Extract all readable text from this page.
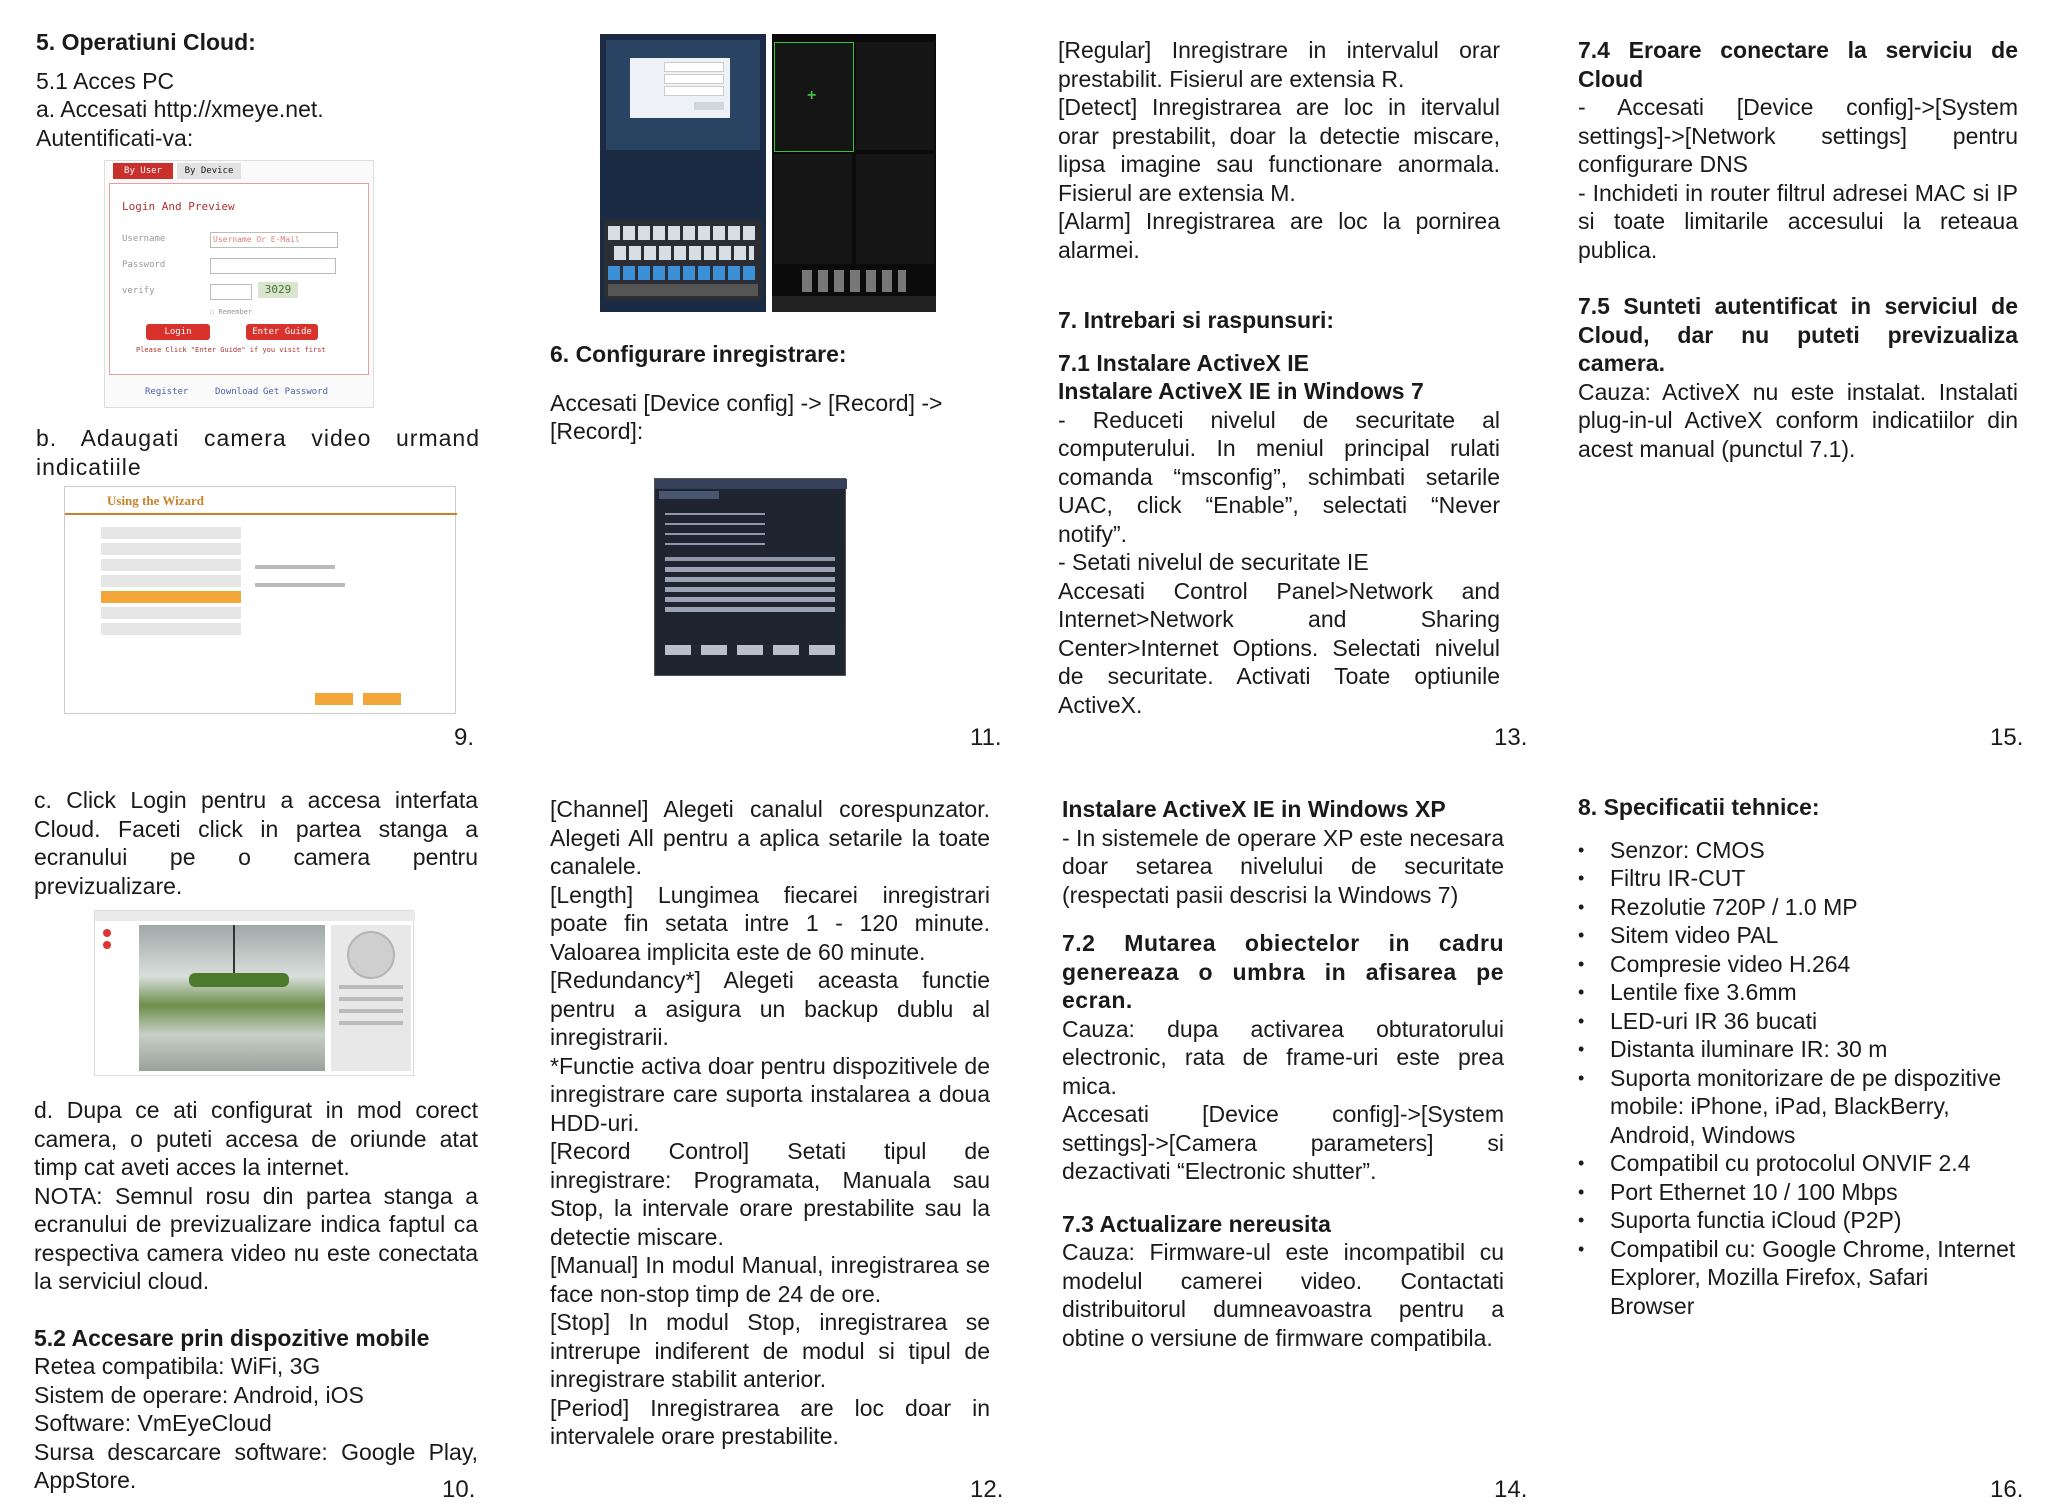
5. Operatiuni Cloud:

5.1 Acces PC

a. Accesati http://xmeye.net.

Autentificati-va:

By User	By Device
Login And Preview
Username	Username Or E-Mail
Password
verify	3029
☐ Remember
Login	Enter Guide
Please Click "Enter Guide" if you visit first
Register	Download Get Password

b. Adaugati camera video urmand indicatiile

Using the Wizard
9.

c. Click Login pentru a accesa interfata Cloud. Faceti click in partea stanga a ecranului pe o camera pentru previzualizare.

d. Dupa ce ati configurat in mod corect camera, o puteti accesa de oriunde atat timp cat aveti acces la internet.

NOTA: Semnul rosu din partea stanga a ecranului de previzualizare indica faptul ca respectiva camera video nu este conectata la serviciul cloud.

5.2 Accesare prin dispozitive mobile

Retea compatibila: WiFi, 3G

Sistem de operare: Android, iOS

Software: VmEyeCloud

Sursa descarcare software: Google Play, AppStore.	10.
+

6. Configurare inregistrare:

Accesati [Device config] -> [Record] -> [Record]:

11.

[Channel] Alegeti canalul corespunzator. Alegeti All pentru a aplica setarile la toate canalele.

[Length] Lungimea fiecarei inregistrari poate fin setata intre 1 - 120 minute. Valoarea implicita este de 60 minute.

[Redundancy*] Alegeti aceasta functie pentru a asigura un backup dublu al inregistrarii.

*Functie activa doar pentru dispozitivele de inregistrare care suporta instalarea a doua HDD-uri.

[Record Control] Setati tipul de inregistrare: Programata, Manuala sau Stop, la intervale orare prestabilite sau la detectie miscare.

[Manual] In modul Manual, inregistrarea se face non-stop timp de 24 de ore.

[Stop] In modul Stop, inregistrarea se intrerupe indiferent de modul si tipul de inregistrare stabilit anterior.

[Period] Inregistrarea are loc doar in intervalele orare prestabilite.

12.

[Regular] Inregistrare in intervalul orar prestabilit. Fisierul are extensia R.

[Detect] Inregistrarea are loc in itervalul orar prestabilit, doar la detectie miscare, lipsa imagine sau functionare anormala. Fisierul are extensia M.

[Alarm] Inregistrarea are loc la pornirea alarmei.

7. Intrebari si raspunsuri:

7.1 Instalare ActiveX IE

Instalare ActiveX IE in Windows 7

- Reduceti nivelul de securitate al computerului. In meniul principal rulati comanda “msconfig”, schimbati setarile UAC, click “Enable”, selectati “Never notify”.

- Setati nivelul de securitate IE

Accesati Control Panel>Network and Internet>Network and Sharing Center>Internet Options. Selectati nivelul de securitate. Activati Toate optiunile ActiveX.

13.

Instalare ActiveX IE in Windows XP

- In sistemele de operare XP este necesara doar setarea nivelului de securitate (respectati pasii descrisi la Windows 7)

7.2 Mutarea obiectelor in cadru genereaza o umbra in afisarea pe ecran.

Cauza: dupa activarea obturatorului electronic, rata de frame-uri este prea mica.

Accesati [Device config]->[System settings]->[Camera parameters] si dezactivati “Electronic shutter”.

7.3 Actualizare nereusita

Cauza: Firmware-ul este incompatibil cu modelul camerei video. Contactati distribuitorul dumneavoastra pentru a obtine o versiune de firmware compatibila.

14.

7.4 Eroare conectare la serviciu de Cloud

- Accesati [Device config]->[System settings]->[Network settings] pentru configurare DNS

- Inchideti in router filtrul adresei MAC si IP si toate limitarile accesului la reteaua publica.

7.5 Sunteti autentificat in serviciul de Cloud, dar nu puteti previzualiza camera.

Cauza: ActiveX nu este instalat. Instalati plug-in-ul ActiveX conform indicatiilor din acest manual (punctul 7.1).

15.

8. Specificatii tehnice:

• Senzor: CMOS
• Filtru IR-CUT
• Rezolutie 720P / 1.0 MP
• Sitem video PAL
• Compresie video H.264
• Lentile fixe 3.6mm
• LED-uri IR 36 bucati
• Distanta iluminare IR: 30 m
• Suporta monitorizare de pe dispozitive mobile: iPhone, iPad, BlackBerry, Android, Windows
• Compatibil cu protocolul ONVIF 2.4
• Port Ethernet 10 / 100 Mbps
• Suporta functia iCloud (P2P)
• Compatibil cu: Google Chrome, Internet Explorer, Mozilla Firefox, Safari Browser
16.
